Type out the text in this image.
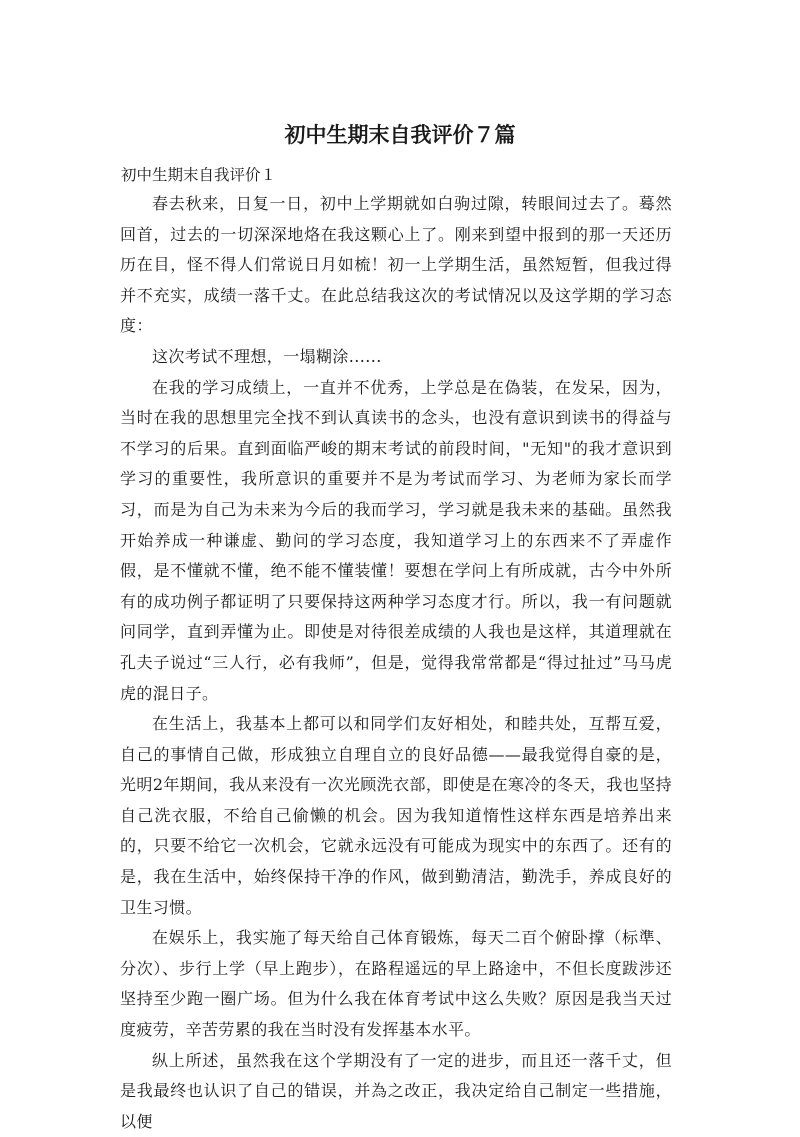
初中生期末自我评价７篇

初中生期末自我评价１

春去秋来，日复一日，初中上学期就如白驹过隙，转眼间过去了。蓦然回首，过去的一切深深地烙在我这颗心上了。刚来到望中报到的那一天还历历在目，怪不得人们常说日月如梳！初一上学期生活，虽然短暂，但我过得并不充实，成绩一落千丈。在此总结我这次的考试情况以及这学期的学习态度：

这次考试不理想，一塌糊涂......

在我的学习成绩上，一直并不优秀，上学总是在偽装，在发呆，因为，当时在我的思想里完全找不到认真读书的念头，也没有意识到读书的得益与不学习的后果。直到面临严峻的期末考试的前段时间，"无知"的我才意识到学习的重要性，我所意识的重要并不是为考试而学习、为老师为家长而学习，而是为自己为未来为今后的我而学习，学习就是我未来的基础。虽然我开始养成一种谦虚、勤问的学习态度，我知道学习上的东西来不了弄虚作假，是不懂就不懂，绝不能不懂装懂！要想在学问上有所成就，古今中外所有的成功例子都证明了只要保持这两种学习态度才行。所以，我一有问题就问同学，直到弄懂为止。即使是对待很差成绩的人我也是这样，其道理就在孔夫子说过“三人行，必有我师”，但是，觉得我常常都是“得过扯过”马马虎虎的混日子。

在生活上，我基本上都可以和同学们友好相处，和睦共处，互帮互爱，自己的事情自己做，形成独立自理自立的良好品德——最我觉得自豪的是，光明2年期间，我从来没有一次光顾洗衣部，即使是在寒冷的冬天，我也坚持自己洗衣服，不给自己偷懒的机会。因为我知道惰性这样东西是培养出来的，只要不给它一次机会，它就永远没有可能成为现实中的东西了。还有的是，我在生活中，始终保持干净的作风，做到勤清洁，勤洗手，养成良好的卫生习惯。

在娱乐上，我实施了每天给自己体育锻炼，每天二百个俯卧撑（标準、分次）、步行上学（早上跑步），在路程遥远的早上路途中，不但长度跋涉还坚持至少跑一圈广场。但为什么我在体育考试中这么失败？原因是我当天过度疲劳，辛苦劳累的我在当时没有发挥基本水平。

纵上所述，虽然我在这个学期没有了一定的进步，而且还一落千丈，但是我最终也认识了自己的错误，并為之改正，我决定给自己制定一些措施，以便
